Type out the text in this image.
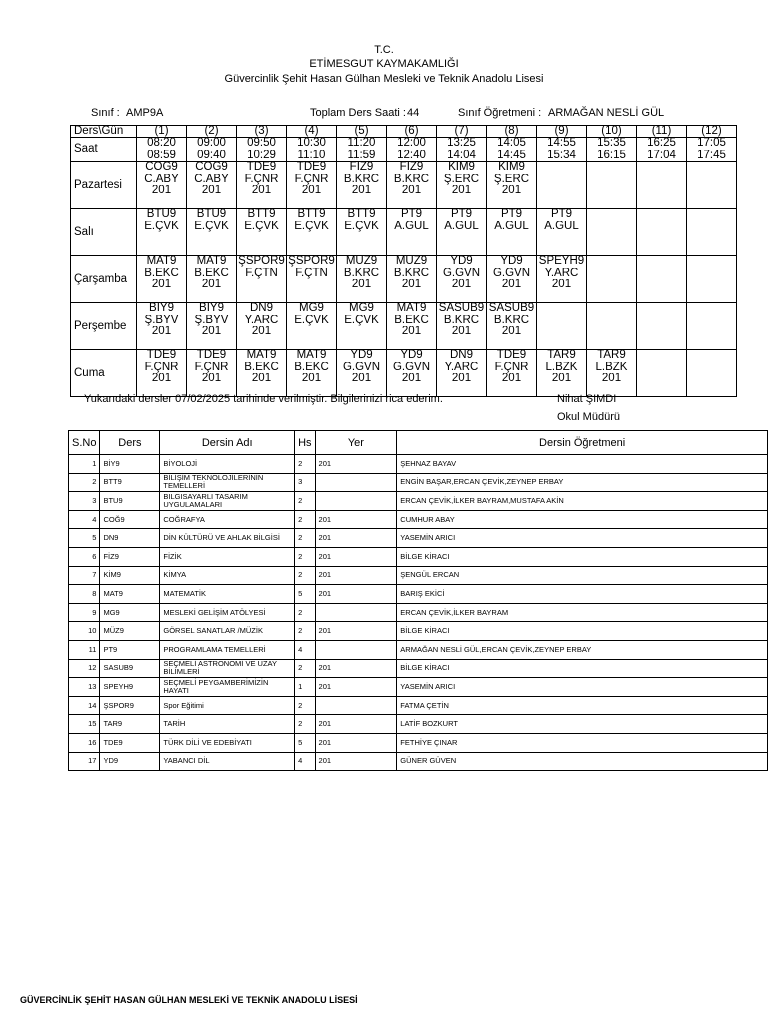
T.C.
ETİMESGUT KAYMAKAMLIĞI
Güvercinlik Şehit Hasan Gülhan Mesleki ve Teknik Anadolu Lisesi
Sınıf : AMP9A	Toplam Ders Saati : 44	Sınıf Öğretmeni : ARMAĞAN NESLİ GÜL
Ders\Gün	(1)	(2)	(3)	(4)	(5)	(6)	(7)	(8)	(9)	(10)	(11)	(12)
Saat	08:20
08:59	09:00
09:40	09:50
10:29	10:30
11:10	11:20
11:59	12:00
12:40	13:25
14:04	14:05
14:45	14:55
15:34	15:35
16:15	16:25
17:04	17:05
17:45

Pazartesi	COĞ9
C.ABY
201	COĞ9
C.ABY
201	TDE9
F.ÇNR
201	TDE9
F.ÇNR
201	FİZ9
B.KRC
201	FİZ9
B.KRC
201	KİM9
Ş.ERC
201	KİM9
Ş.ERC
201				

Salı	BTU9
E.ÇVK	BTU9
E.ÇVK	BTT9
E.ÇVK	BTT9
E.ÇVK	BTT9
E.ÇVK	PT9
A.GÜL	PT9
A.GÜL	PT9
A.GÜL	PT9
A.GÜL			

Çarşamba	MAT9
B.EKC
201	MAT9
B.EKC
201	ŞSPOR9
F.ÇTN	ŞSPOR9
F.ÇTN	MÜZ9
B.KRC
201	MÜZ9
B.KRC
201	YD9
G.GVN
201	YD9
G.GVN
201	SPEYH9
Y.ARC
201			

Perşembe	BİY9
Ş.BYV
201	BİY9
Ş.BYV
201	DN9
Y.ARC
201	MG9
E.ÇVK	MG9
E.ÇVK	MAT9
B.EKC
201	SASUB9
B.KRC
201	SASUB9
B.KRC
201				

Cuma	TDE9
F.ÇNR
201	TDE9
F.ÇNR
201	MAT9
B.EKC
201	MAT9
B.EKC
201	YD9
G.GVN
201	YD9
G.GVN
201	DN9
Y.ARC
201	TDE9
F.ÇNR
201	TAR9
L.BZK
201	TAR9
L.BZK
201		

Yukarıdaki dersler 07/02/2025 tarihinde verilmiştir. Bilgilerinizi rica ederim.	Nihat ŞIMDI
Okul Müdürü
S.No	Ders	Dersin Adı	Hs	Yer	Dersin Öğretmeni
1	BİY9	BİYOLOJİ	2	201	ŞEHNAZ BAYAV
2	BTT9	BİLİŞİM TEKNOLOJİLERİNİN TEMELLERİ	3		ENGİN BAŞAR,ERCAN ÇEVİK,ZEYNEP ERBAY
3	BTU9	BILGISAYARLI TASARIM UYGULAMALARI	2		ERCAN ÇEVİK,İLKER BAYRAM,MUSTAFA AKİN
4	COĞ9	COĞRAFYA	2	201	CUMHUR ABAY
5	DN9	DİN KÜLTÜRÜ VE AHLAK BİLGİSİ	2	201	YASEMİN ARICI
6	FİZ9	FİZİK	2	201	BİLGE KİRACI
7	KİM9	KİMYA	2	201	ŞENGÜL ERCAN
8	MAT9	MATEMATİK	5	201	BARIŞ EKİCİ
9	MG9	MESLEKİ GELİŞİM ATÖLYESİ	2		ERCAN ÇEVİK,İLKER BAYRAM
10	MÜZ9	GÖRSEL SANATLAR /MÜZİK	2	201	BİLGE KİRACI
11	PT9	PROGRAMLAMA TEMELLERİ	4		ARMAĞAN NESLİ GÜL,ERCAN ÇEVİK,ZEYNEP ERBAY
12	SASUB9	SEÇMELİ ASTRONOMİ VE UZAY BİLİMLERİ	2	201	BİLGE KİRACI
13	SPEYH9	SEÇMELİ PEYGAMBERİMİZİN HAYATI	1	201	YASEMİN ARICI
14	ŞSPOR9	Spor Eğitimi	2		FATMA ÇETİN
15	TAR9	TARİH	2	201	LATİF BOZKURT
16	TDE9	TÜRK DİLİ VE EDEBİYATI	5	201	FETHİYE ÇINAR
17	YD9	YABANCI DİL	4	201	GÜNER GÜVEN
GÜVERCİNLİK ŞEHİT HASAN GÜLHAN MESLEKİ VE TEKNİK ANADOLU LİSESİ
